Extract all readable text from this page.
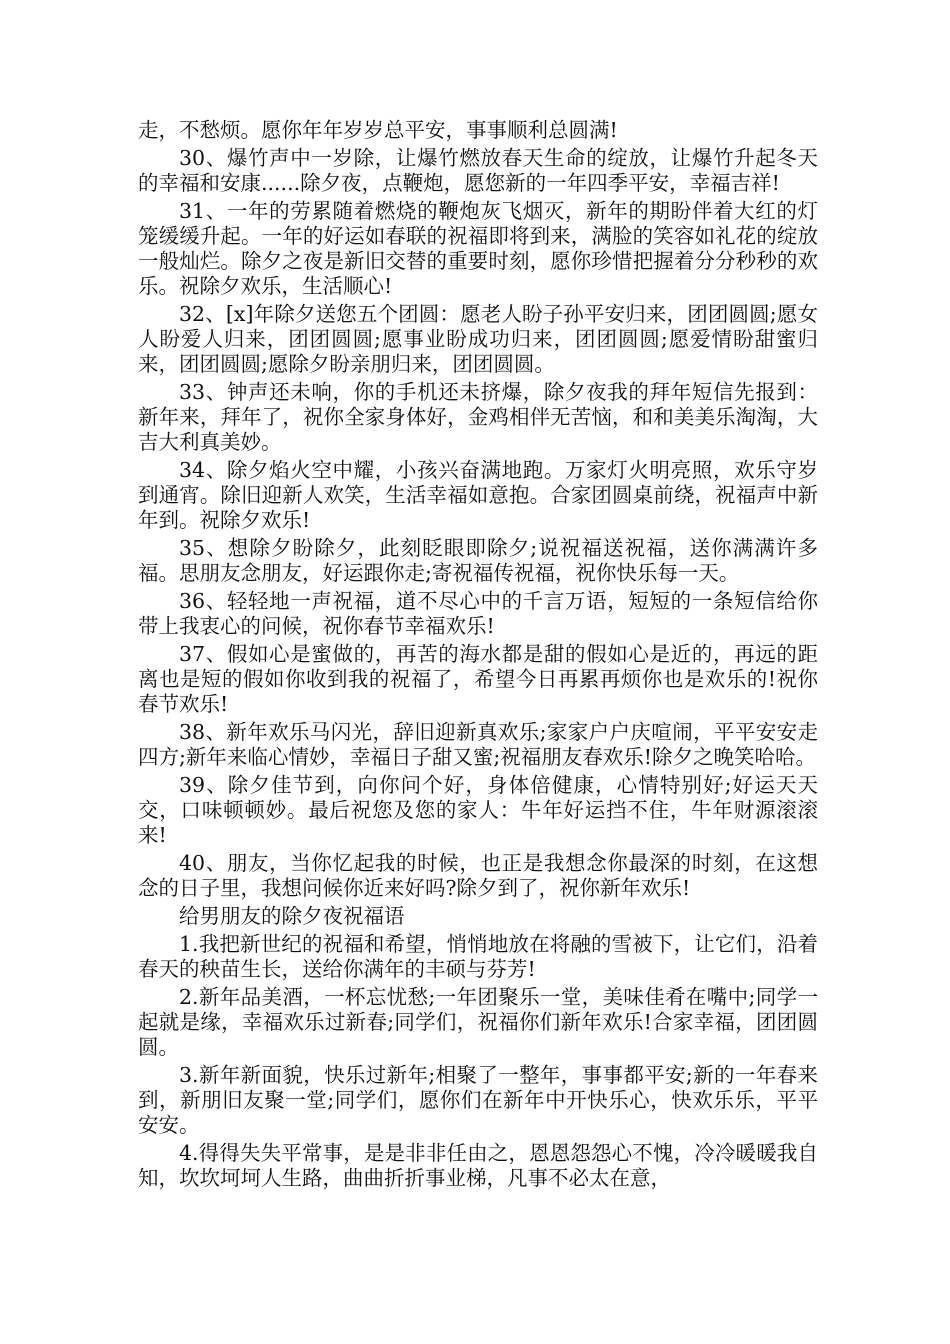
走，不愁烦。愿你年年岁岁总平安，事事顺利总圆满!

30、爆竹声中一岁除，让爆竹燃放春天生命的绽放，让爆竹升起冬天的幸福和安康......除夕夜，点鞭炮，愿您新的一年四季平安，幸福吉祥!

31、一年的劳累随着燃烧的鞭炮灰飞烟灭，新年的期盼伴着大红的灯笼缓缓升起。一年的好运如春联的祝福即将到来，满脸的笑容如礼花的绽放一般灿烂。除夕之夜是新旧交替的重要时刻，愿你珍惜把握着分分秒秒的欢乐。祝除夕欢乐，生活顺心!

32、[x]年除夕送您五个团圆：愿老人盼子孙平安归来，团团圆圆;愿女人盼爱人归来，团团圆圆;愿事业盼成功归来，团团圆圆;愿爱情盼甜蜜归来，团团圆圆;愿除夕盼亲朋归来，团团圆圆。

33、钟声还未响，你的手机还未挤爆，除夕夜我的拜年短信先报到：新年来，拜年了，祝你全家身体好，金鸡相伴无苦恼，和和美美乐淘淘，大吉大利真美妙。

34、除夕焰火空中耀，小孩兴奋满地跑。万家灯火明亮照，欢乐守岁到通宵。除旧迎新人欢笑，生活幸福如意抱。合家团圆桌前绕，祝福声中新年到。祝除夕欢乐!

35、想除夕盼除夕，此刻眨眼即除夕;说祝福送祝福，送你满满许多福。思朋友念朋友，好运跟你走;寄祝福传祝福，祝你快乐每一天。

36、轻轻地一声祝福，道不尽心中的千言万语，短短的一条短信给你带上我衷心的问候，祝你春节幸福欢乐!

37、假如心是蜜做的，再苦的海水都是甜的假如心是近的，再远的距离也是短的假如你收到我的祝福了，希望今日再累再烦你也是欢乐的!祝你春节欢乐!

38、新年欢乐马闪光，辞旧迎新真欢乐;家家户户庆喧闹，平平安安走四方;新年来临心情妙，幸福日子甜又蜜;祝福朋友春欢乐!除夕之晚笑哈哈。

39、除夕佳节到，向你问个好，身体倍健康，心情特别好;好运天天交，口味顿顿妙。最后祝您及您的家人：牛年好运挡不住，牛年财源滚滚来!

40、朋友，当你忆起我的时候，也正是我想念你最深的时刻，在这想念的日子里，我想问候你近来好吗?除夕到了，祝你新年欢乐!

给男朋友的除夕夜祝福语

1.我把新世纪的祝福和希望，悄悄地放在将融的雪被下，让它们，沿着春天的秧苗生长，送给你满年的丰硕与芬芳!

2.新年品美酒，一杯忘忧愁;一年团聚乐一堂，美味佳肴在嘴中;同学一起就是缘，幸福欢乐过新春;同学们，祝福你们新年欢乐!合家幸福，团团圆圆。

3.新年新面貌，快乐过新年;相聚了一整年，事事都平安;新的一年春来到，新朋旧友聚一堂;同学们，愿你们在新年中开快乐心，快欢乐乐，平平安安。

4.得得失失平常事，是是非非任由之，恩恩怨怨心不愧，冷冷暖暖我自知，坎坎坷坷人生路，曲曲折折事业梯，凡事不必太在意，
